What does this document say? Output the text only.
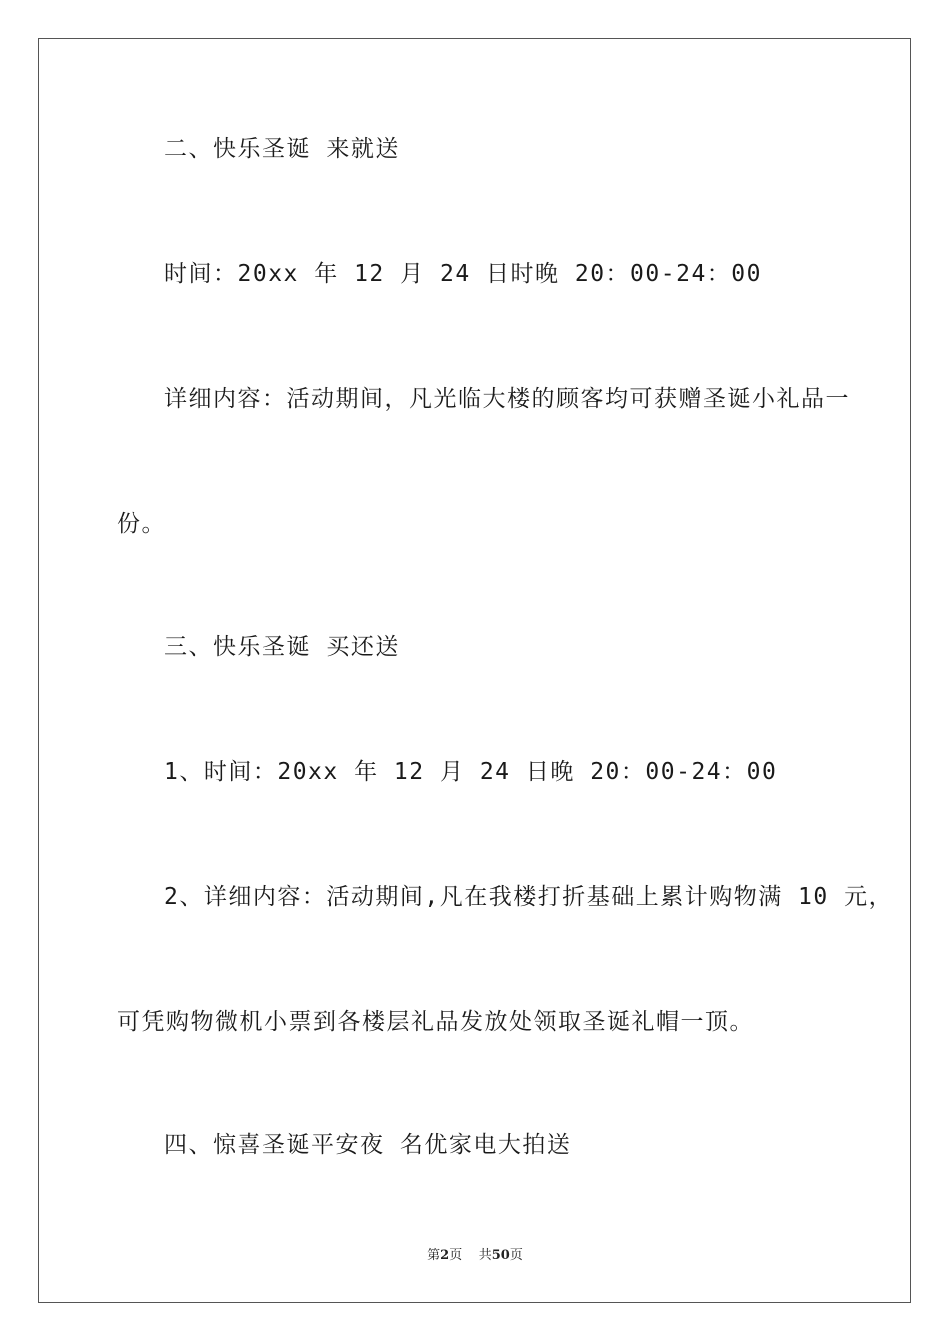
二、快乐圣诞 来就送
时间：20xx 年 12 月 24 日时晚 20：00-24：00
详细内容：活动期间，凡光临大楼的顾客均可获赠圣诞小礼品一
份。
三、快乐圣诞 买还送
1、时间：20xx 年 12 月 24 日晚 20：00-24：00
2、详细内容：活动期间,凡在我楼打折基础上累计购物满 10 元，
可凭购物微机小票到各楼层礼品发放处领取圣诞礼帽一顶。
四、惊喜圣诞平安夜 名优家电大拍送
第2页 共50页
